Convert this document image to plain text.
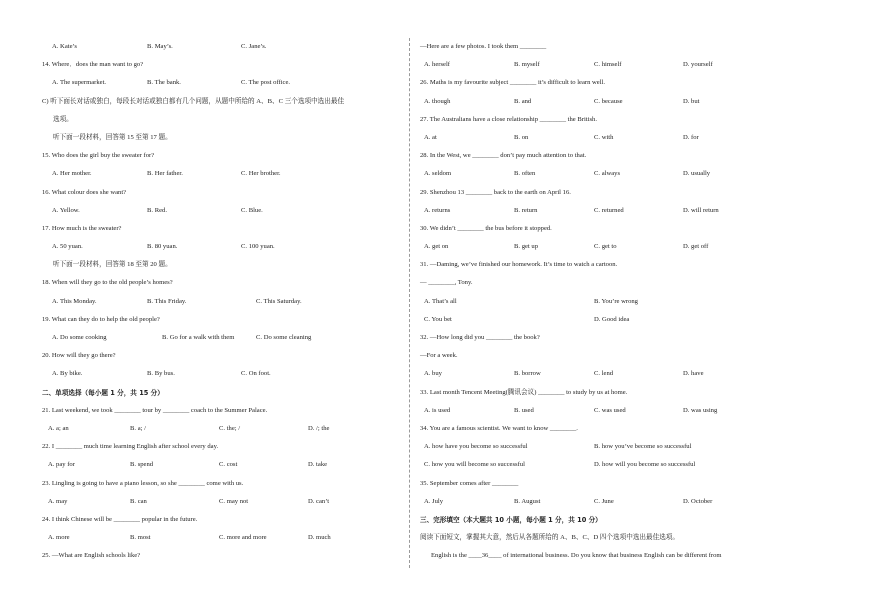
A. Kate’s	B. May’s.	C. Jane’s.
14. Where．does the man want to go?
A. The supermarket.	B. The bank.	C. The post office.
C) 听下面长对话或独白，每段长对话或独白都有几个问题，从题中所给的 A、B、C 三个选项中选出最佳
选项。
听下面一段材料，回答第 15 至第 17 题。
15. Who does the girl buy the sweater for?
A. Her mother.	B. Her father.	C. Her brother.
16. What colour does she want?
A. Yellow.	B. Red.	C. Blue.
17. How much is the sweater?
A. 50 yuan.	B. 80 yuan.	C. 100 yuan.
听下面一段材料，回答第 18 至第 20 题。
18. When will they go to the old people’s homes?
A. This Monday.	B. This Friday.	C. This Saturday.
19. What can they do to help the old people?
A. Do some cooking	B. Go for a walk with them	C. Do some cleaning
20. How will they go there?
A. By bike.	B. By bus.	C. On foot.
二、单项选择（每小题 1 分，共 15 分）
21. Last weekend, we took ________ tour by ________ coach to the Summer Palace.
A. a; an	B. a; /	C. the; /	D. /; the
22. I ________ much time learning English after school every day.
A. pay for	B. spend	C. cost	D. take
23. Lingling is going to have a piano lesson, so she ________ come with us.
A. may	B. can	C. may not	D. can’t
24. I think Chinese will be ________ popular in the future.
A. more	B. most	C. more and more	D. much
25. —What are English schools like?
—Here are a few photos. I took them ________
A. herself	B. myself	C. himself	D. yourself
26. Maths is my favourite subject ________ it’s difficult to learn well.
A. though	B. and	C. because	D. but
27. The Australians have a close relationship ________ the British.
A. at	B. on	C. with	D. for
28. In the West, we ________ don’t pay much attention to that.
A. seldom	B. often	C. always	D. usually
29. Shenzhou 13 ________ back to the earth on April 16.
A. returns	B. return	C. returned	D. will return
30. We didn’t ________ the bus before it stopped.
A. get on	B. get up	C. get to	D. get off
31. —Daming, we’ve finished our homework. It’s time to watch a cartoon.
— ________, Tony.
A. That’s all	B. You’re wrong
C. You bet	D. Good idea
32. —How long did you ________ the book?
—For a week.
A. buy	B. borrow	C. lend	D. have
33. Last month Tencent Meeting(腾讯会议) ________ to study by us at home.
A. is used	B. used	C. was used	D. was using
34. You are a famous scientist. We want to know ________.
A. how have you become so successful	B. how you’ve become so successful
C. how you will become so successful	D. how will you become so successful
35. September comes after ________
A. July	B. August	C. June	D. October
三、完形填空（本大题共 10 小题，每小题 1 分，共 10 分）
阅读下面短文，掌握其大意，然后从各题所给的 A、B、C、D 四个选项中选出最佳选项。
English is the ____36____ of international business. Do you know that business English can be different from
